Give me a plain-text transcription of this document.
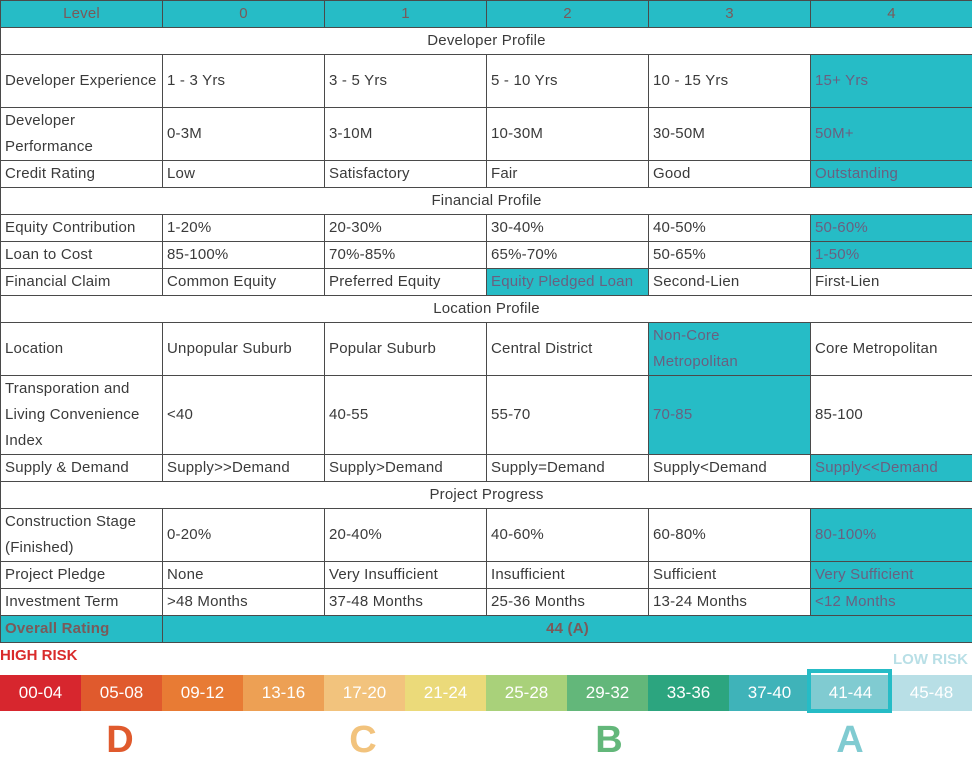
Level	0	1	2	3	4
Developer Profile					
Developer Experience	1 - 3 Yrs	3 - 5 Yrs	5 - 10 Yrs	10 - 15 Yrs	15+ Yrs
Developer Performance	0-3M	3-10M	10-30M	30-50M	50M+
Credit Rating	Low	Satisfactory	Fair	Good	Outstanding
Financial Profile					
Equity Contribution	1-20%	20-30%	30-40%	40-50%	50-60%
Loan to Cost	85-100%	70%-85%	65%-70%	50-65%	1-50%
Financial Claim	Common Equity	Preferred Equity	Equity Pledged Loan	Second-Lien	First-Lien
Location Profile					
Location	Unpopular Suburb	Popular Suburb	Central District	Non-Core Metropolitan	Core Metropolitan
Transporation and Living Convenience Index	<40	40-55	55-70	70-85	85-100
Supply & Demand	Supply>>Demand	Supply>Demand	Supply=Demand	Supply<Demand	Supply<<Demand
Project Progress					
Construction Stage (Finished)	0-20%	20-40%	40-60%	60-80%	80-100%
Project Pledge	None	Very Insufficient	Insufficient	Sufficient	Very Sufficient
Investment Term	>48 Months	37-48 Months	25-36 Months	13-24 Months	<12 Months
Overall Rating	44 (A)				
HIGH RISK	LOW RISK
00-04	05-08	09-12	13-16	17-20	21-24	25-28	29-32	33-36	37-40	41-44	45-48
D	C	B	A
